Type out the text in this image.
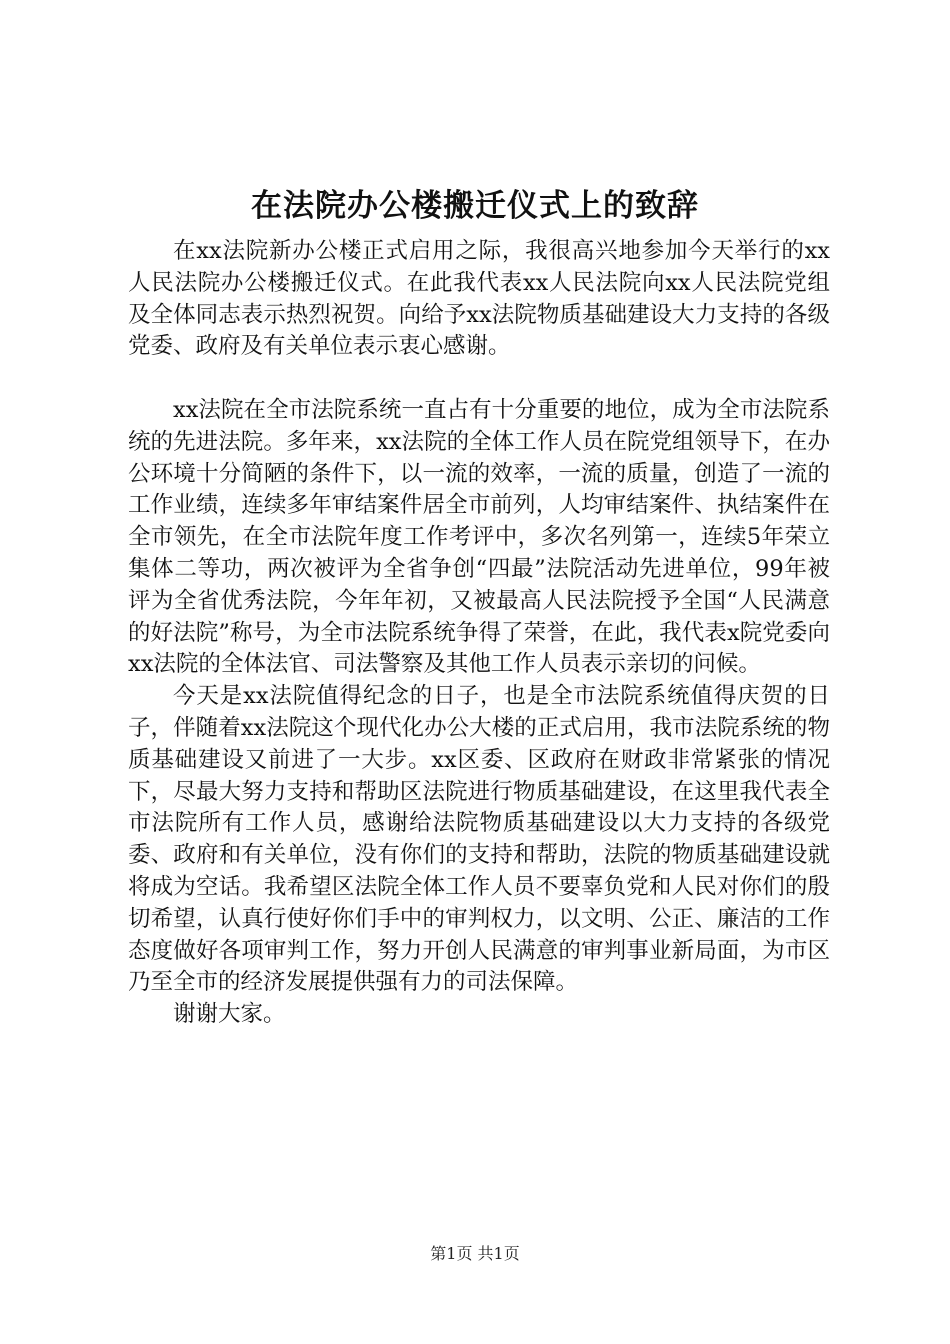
在法院办公楼搬迁仪式上的致辞

在xx法院新办公楼正式启用之际，我很高兴地参加今天举行的xx人民法院办公楼搬迁仪式。在此我代表xx人民法院向xx人民法院党组及全体同志表示热烈祝贺。向给予xx法院物质基础建设大力支持的各级党委、政府及有关单位表示衷心感谢。

xx法院在全市法院系统一直占有十分重要的地位，成为全市法院系统的先进法院。多年来，xx法院的全体工作人员在院党组领导下，在办公环境十分简陋的条件下，以一流的效率，一流的质量，创造了一流的工作业绩，连续多年审结案件居全市前列，人均审结案件、执结案件在全市领先，在全市法院年度工作考评中，多次名列第一，连续5年荣立集体二等功，两次被评为全省争创“四最”法院活动先进单位，99年被评为全省优秀法院，今年年初，又被最高人民法院授予全国“人民满意的好法院”称号，为全市法院系统争得了荣誉，在此，我代表x院党委向xx法院的全体法官、司法警察及其他工作人员表示亲切的问候。

今天是xx法院值得纪念的日子，也是全市法院系统值得庆贺的日子，伴随着xx法院这个现代化办公大楼的正式启用，我市法院系统的物质基础建设又前进了一大步。xx区委、区政府在财政非常紧张的情况下，尽最大努力支持和帮助区法院进行物质基础建设，在这里我代表全市法院所有工作人员，感谢给法院物质基础建设以大力支持的各级党委、政府和有关单位，没有你们的支持和帮助，法院的物质基础建设就将成为空话。我希望区法院全体工作人员不要辜负党和人民对你们的殷切希望，认真行使好你们手中的审判权力，以文明、公正、廉洁的工作态度做好各项审判工作，努力开创人民满意的审判事业新局面，为市区乃至全市的经济发展提供强有力的司法保障。

谢谢大家。

第1页 共1页
